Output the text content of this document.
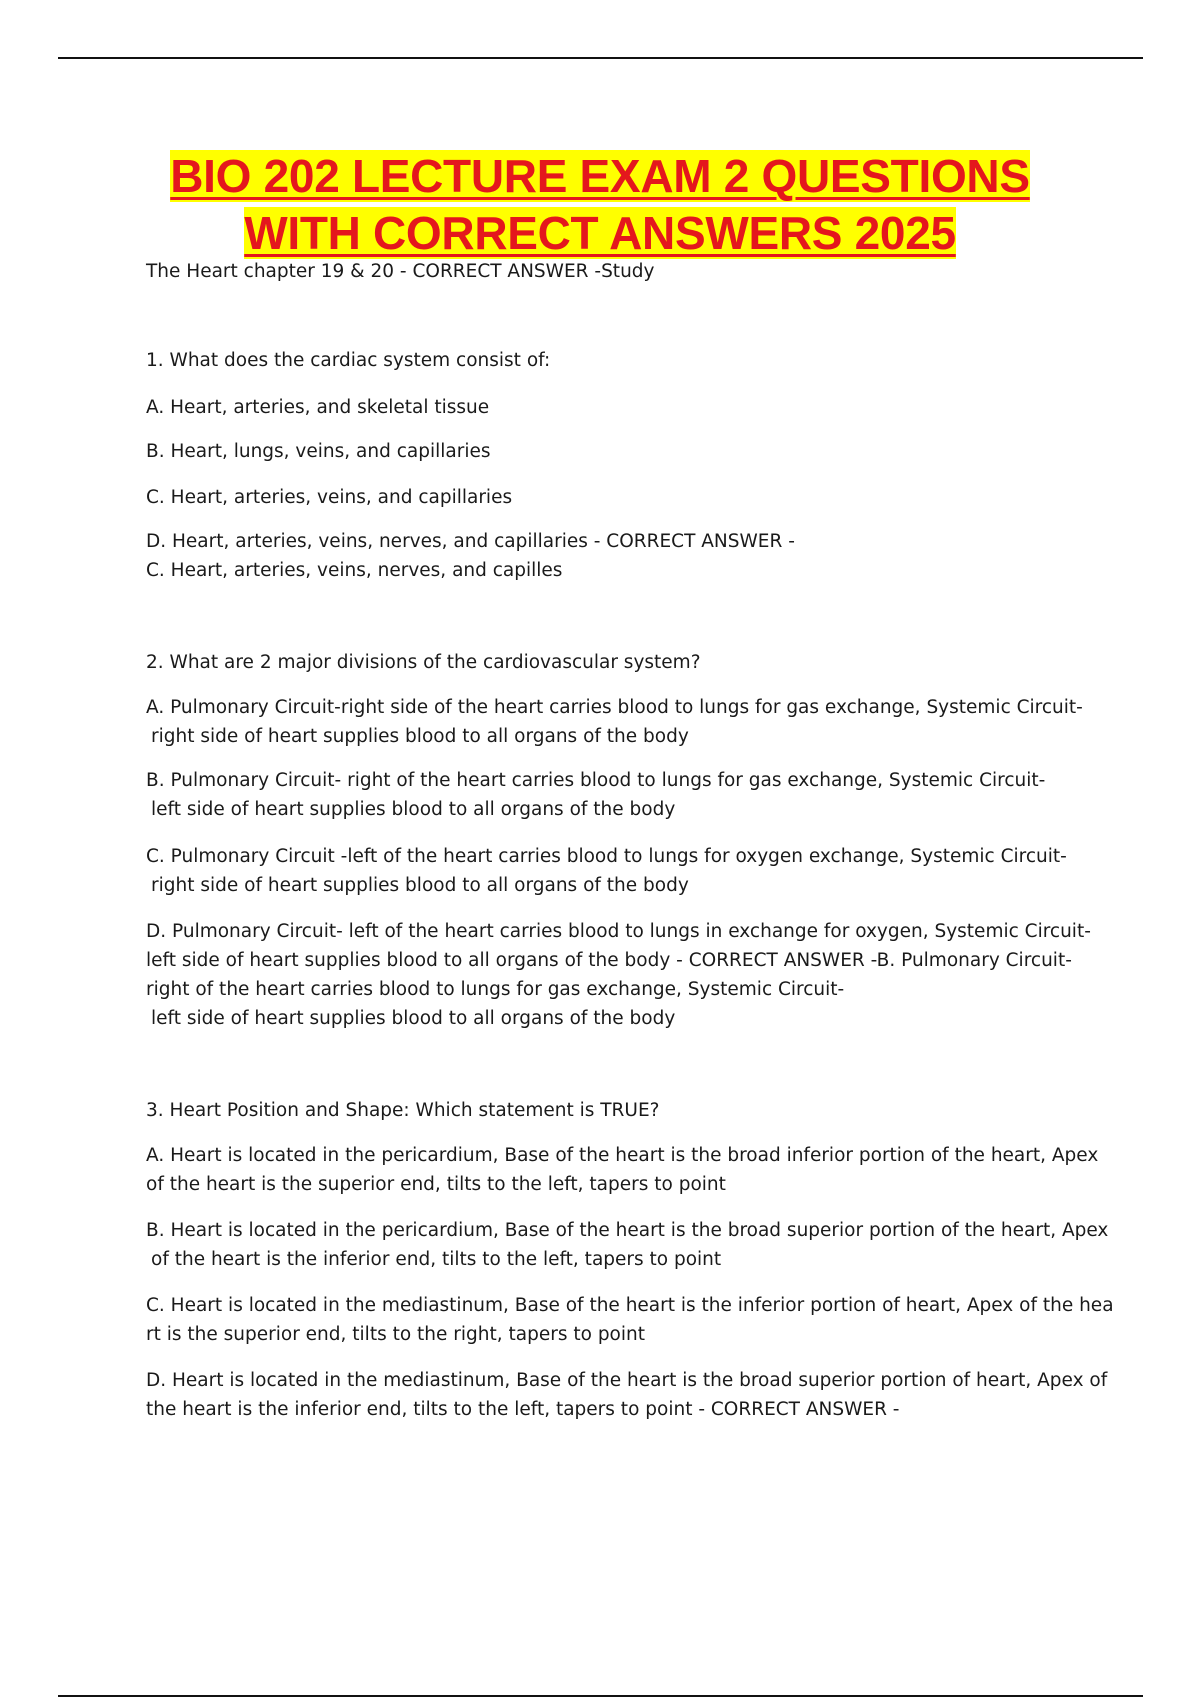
BIO 202 LECTURE EXAM 2 QUESTIONS
WITH CORRECT ANSWERS 2025

The Heart chapter 19 & 20 - CORRECT ANSWER -Study

1. What does the cardiac system consist of:

A. Heart, arteries, and skeletal tissue

B. Heart, lungs, veins, and capillaries

C. Heart, arteries, veins, and capillaries

D. Heart, arteries, veins, nerves, and capillaries - CORRECT ANSWER -
C. Heart, arteries, veins, nerves, and capilles

2. What are 2 major divisions of the cardiovascular system?

A. Pulmonary Circuit-right side of the heart carries blood to lungs for gas exchange, Systemic Circuit-
right side of heart supplies blood to all organs of the body

B. Pulmonary Circuit- right of the heart carries blood to lungs for gas exchange, Systemic Circuit-
left side of heart supplies blood to all organs of the body

C. Pulmonary Circuit -left of the heart carries blood to lungs for oxygen exchange, Systemic Circuit-
right side of heart supplies blood to all organs of the body

D. Pulmonary Circuit- left of the heart carries blood to lungs in exchange for oxygen, Systemic Circuit-
left side of heart supplies blood to all organs of the body - CORRECT ANSWER -B. Pulmonary Circuit-
right of the heart carries blood to lungs for gas exchange, Systemic Circuit-
left side of heart supplies blood to all organs of the body

3. Heart Position and Shape: Which statement is TRUE?

A. Heart is located in the pericardium, Base of the heart is the broad inferior portion of the heart, Apex
of the heart is the superior end, tilts to the left, tapers to point

B. Heart is located in the pericardium, Base of the heart is the broad superior portion of the heart, Apex
of the heart is the inferior end, tilts to the left, tapers to point

C. Heart is located in the mediastinum, Base of the heart is the inferior portion of heart, Apex of the hea
rt is the superior end, tilts to the right, tapers to point

D. Heart is located in the mediastinum, Base of the heart is the broad superior portion of heart, Apex of
the heart is the inferior end, tilts to the left, tapers to point - CORRECT ANSWER -
